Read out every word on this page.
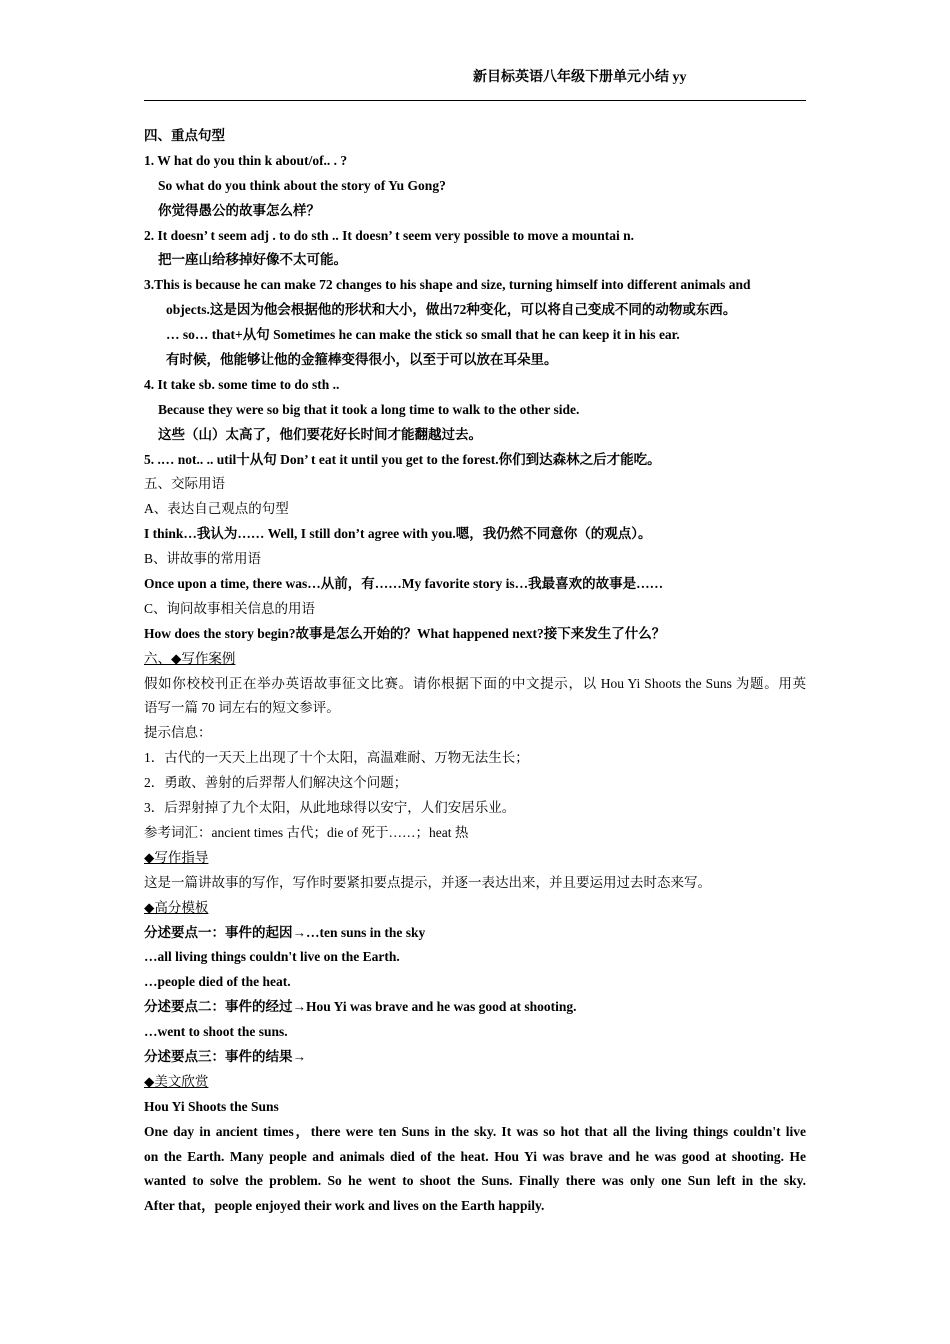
新目标英语八年级下册单元小结 yy
四、重点句型
1. W hat do you thin k about/of.. . ?
So what do you think about the story of Yu Gong?
你觉得愚公的故事怎么样？
2. It doesn’ t seem adj . to do sth .. It doesn’ t seem very possible to move a mountai n.
把一座山给移掉好像不太可能。
3.This is because he can make 72 changes to his shape and size, turning himself into different animals and
objects.这是因为他会根据他的形状和大小，做出72种变化，可以将自己变成不同的动物或东西。
… so… that+从句 Sometimes he can make the stick so small that he can keep it in his ear.
有时候，他能够让他的金箍棒变得很小，以至于可以放在耳朵里。
4. It take sb. some time to do sth ..
Because they were so big that it took a long time to walk to the other side.
这些（山）太高了，他们要花好长时间才能翻越过去。
5. .… not.. .. util十从句 Don’ t eat it until you get to the forest.你们到达森林之后才能吃。
五、交际用语
A、表达自己观点的句型
I think…我认为…… Well, I still don’t agree with you.嗯，我仍然不同意你（的观点）。
B、讲故事的常用语
Once upon a time, there was…从前，有……My favorite story is…我最喜欢的故事是……
C、询问故事相关信息的用语
How does the story begin?故事是怎么开始的？What happened next?接下来发生了什么？
六、◆写作案例
假如你校校刊正在举办英语故事征文比赛。请你根据下面的中文提示，以 Hou Yi Shoots the Suns 为题。用英
语写一篇 70 词左右的短文参评。
提示信息：
1．古代的一天天上出现了十个太阳，高温难耐、万物无法生长；
2．勇敢、善射的后羿帮人们解决这个问题；
3．后羿射掉了九个太阳，从此地球得以安宁，人们安居乐业。
参考词汇：ancient times 古代；die of 死于……；heat 热
◆写作指导
这是一篇讲故事的写作，写作时要紧扣要点提示，并逐一表达出来，并且要运用过去时态来写。
◆高分模板
分述要点一：事件的起因→…ten suns in the sky
…all living things couldn't live on the Earth.
…people died of the heat.
分述要点二：事件的经过→Hou Yi was brave and he was good at shooting.
…went to shoot the suns.
分述要点三：事件的结果→
◆美文欣赏
Hou Yi Shoots the Suns
One day in ancient times，there were ten Suns in the sky. It was so hot that all the living things couldn't live
on the Earth. Many people and animals died of the heat. Hou Yi was brave and he was good at shooting. He
wanted to solve the problem. So he went to shoot the Suns. Finally there was only one Sun left in the sky.
After that，people enjoyed their work and lives on the Earth happily.
